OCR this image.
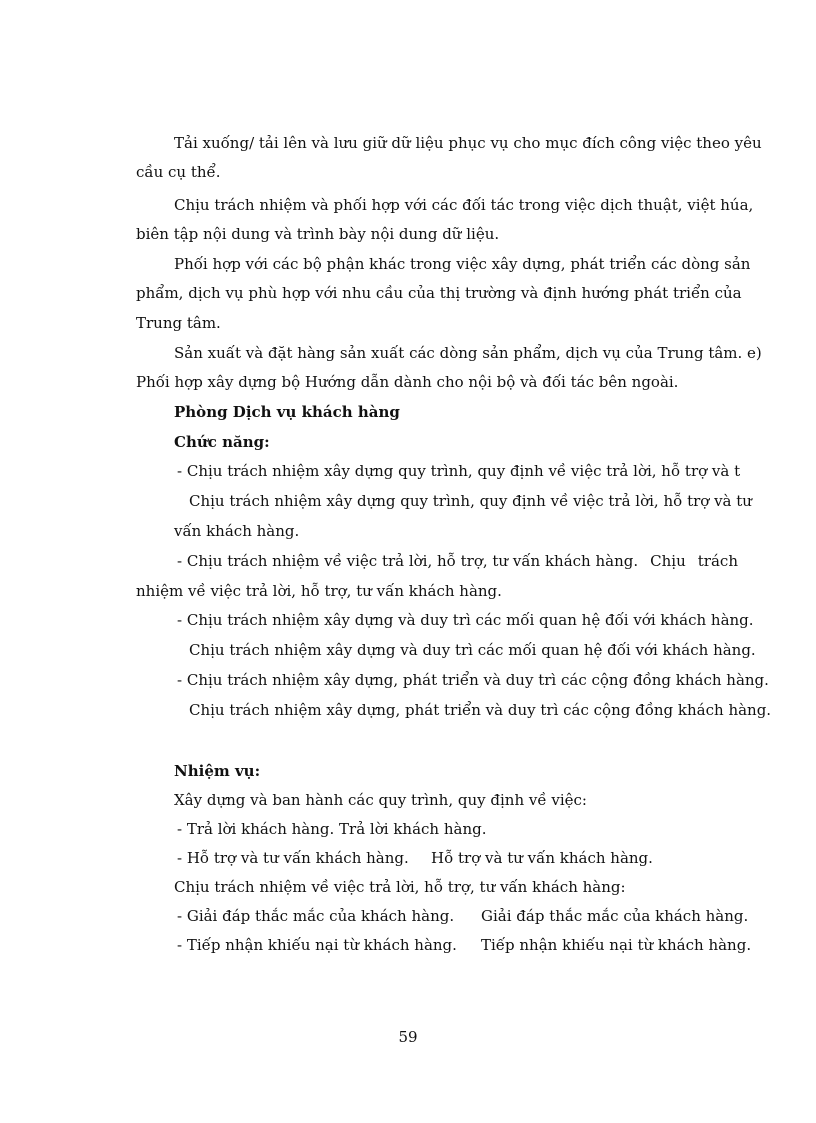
Tải xuống/ tải lên và lưu giữ dữ liệu phục vụ cho mục đích công việc theo yêu

cầu cụ thể.

Chịu trách nhiệm và phối hợp với các đối tác trong việc dịch thuật, việt húa,

biên tập nội dung và trình bày nội dung dữ liệu.

Phối hợp với các bộ phận khác trong việc xây dựng, phát triển các dòng sản

phẩm, dịch vụ phù hợp với nhu cầu của thị trường và định hướng phát triển của

Trung tâm.

Sản xuất và đặt hàng sản xuất các dòng sản phẩm, dịch vụ của Trung tâm. e)

Phối hợp xây dựng bộ Hướng dẫn dành cho nội bộ và đối tác bên ngoài.

Phòng Dịch vụ khách hàng

Chức năng:

- Chịu trách nhiệm xây dựng quy trình, quy định về việc trả lời, hỗ trợ và t

Chịu trách nhiệm xây dựng quy trình, quy định về việc trả lời, hỗ trợ và tư

vấn khách hàng.

- Chịu trách nhiệm về việc trả lời, hỗ trợ, tư vấn khách hàng. Chịu trách

nhiệm về việc trả lời, hỗ trợ, tư vấn khách hàng.

- Chịu trách nhiệm xây dựng và duy trì các mối quan hệ đối với khách hàng.

Chịu trách nhiệm xây dựng và duy trì các mối quan hệ đối với khách hàng.

- Chịu trách nhiệm xây dựng, phát triển và duy trì các cộng đồng khách hàng.

Chịu trách nhiệm xây dựng, phát triển và duy trì các cộng đồng khách hàng.

Nhiệm vụ:

Xây dựng và ban hành các quy trình, quy định về việc:

- Trả lời khách hàng. Trả lời khách hàng.

- Hỗ trợ và tư vấn khách hàng. Hỗ trợ và tư vấn khách hàng.

Chịu trách nhiệm về việc trả lời, hỗ trợ, tư vấn khách hàng:

- Giải đáp thắc mắc của khách hàng. Giải đáp thắc mắc của khách hàng.

- Tiếp nhận khiếu nại từ khách hàng. Tiếp nhận khiếu nại từ khách hàng.

59
